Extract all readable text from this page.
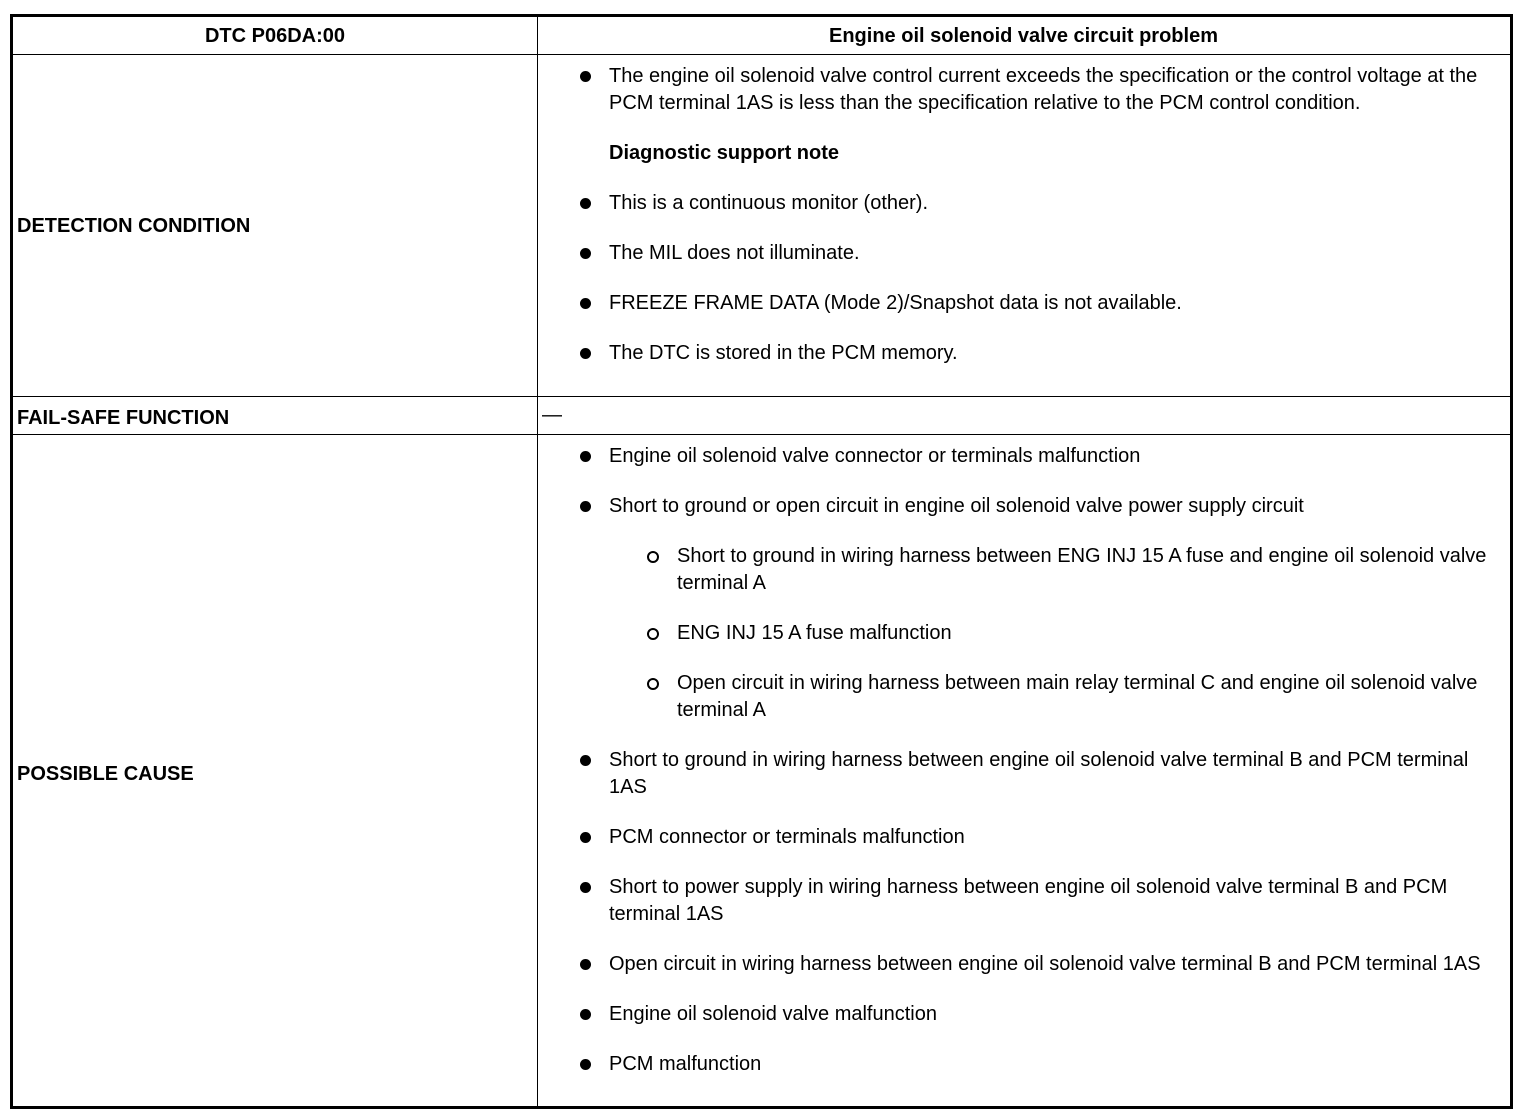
DTC P06DA:00	Engine oil solenoid valve circuit problem
DETECTION CONDITION
The engine oil solenoid valve control current exceeds the specification or the control voltage at the PCM terminal 1AS is less than the specification relative to the PCM control condition.
Diagnostic support note
This is a continuous monitor (other).
The MIL does not illuminate.
FREEZE FRAME DATA (Mode 2)/Snapshot data is not available.
The DTC is stored in the PCM memory.
FAIL-SAFE FUNCTION	—
POSSIBLE CAUSE
Engine oil solenoid valve connector or terminals malfunction
Short to ground or open circuit in engine oil solenoid valve power supply circuit
Short to ground in wiring harness between ENG INJ 15 A fuse and engine oil solenoid valve terminal A
ENG INJ 15 A fuse malfunction
Open circuit in wiring harness between main relay terminal C and engine oil solenoid valve terminal A
Short to ground in wiring harness between engine oil solenoid valve terminal B and PCM terminal 1AS
PCM connector or terminals malfunction
Short to power supply in wiring harness between engine oil solenoid valve terminal B and PCM terminal 1AS
Open circuit in wiring harness between engine oil solenoid valve terminal B and PCM terminal 1AS
Engine oil solenoid valve malfunction
PCM malfunction
